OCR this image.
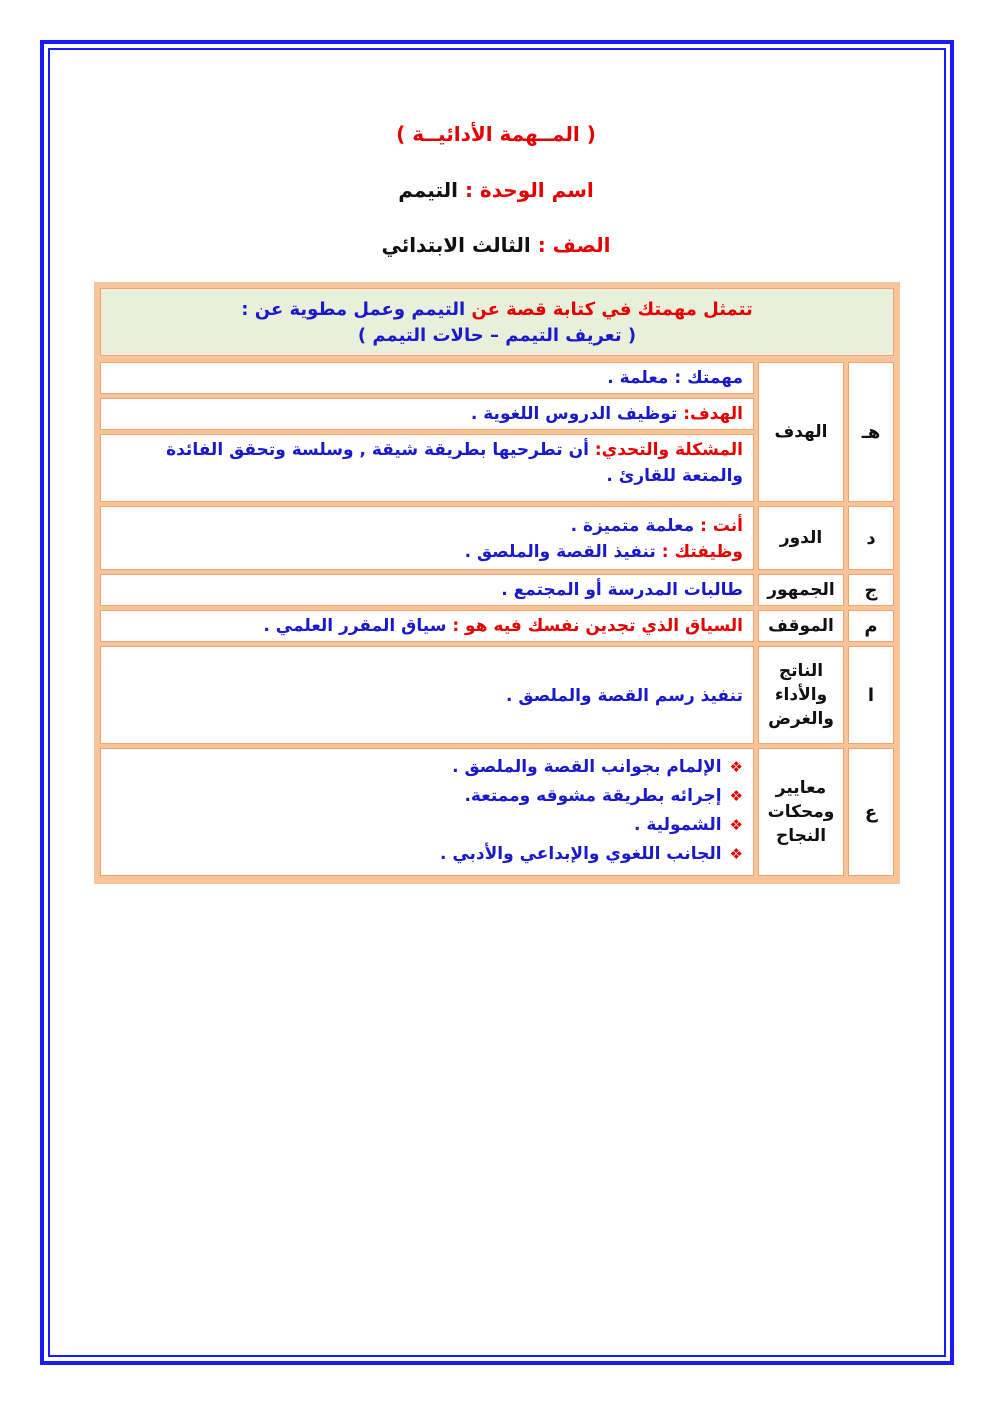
( المــهمة الأدائيــة )
اسم الوحدة : التيمم
الصف : الثالث الابتدائي
تتمثل مهمتك في كتابة قصة عن التيمم وعمل مطوية عن :
( تعريف التيمم – حالات التيمم )
هـ
الهدف
مهمتك : معلمة .
الهدف: توظيف الدروس اللغوية .
المشكلة والتحدي: أن تطرحيها بطريقة شيقة , وسلسة وتحقق الفائدة والمتعة للقارئ .
د
الدور
أنت : معلمة متميزة .
وظيفتك : تنفيذ القصة والملصق .
ج
الجمهور
طالبات المدرسة أو المجتمع .
م
الموقف
السياق الذي تجدين نفسك فيه هو : سياق المقرر العلمي .
ا
الناتج
والأداء
والغرض
تنفيذ رسم القصة والملصق .
ع
معايير
ومحكات
النجاح
❖الإلمام بجوانب القصة والملصق .
❖إجرائه بطريقة مشوقه وممتعة.
❖الشمولية .
❖الجانب اللغوي والإبداعي والأدبي .
